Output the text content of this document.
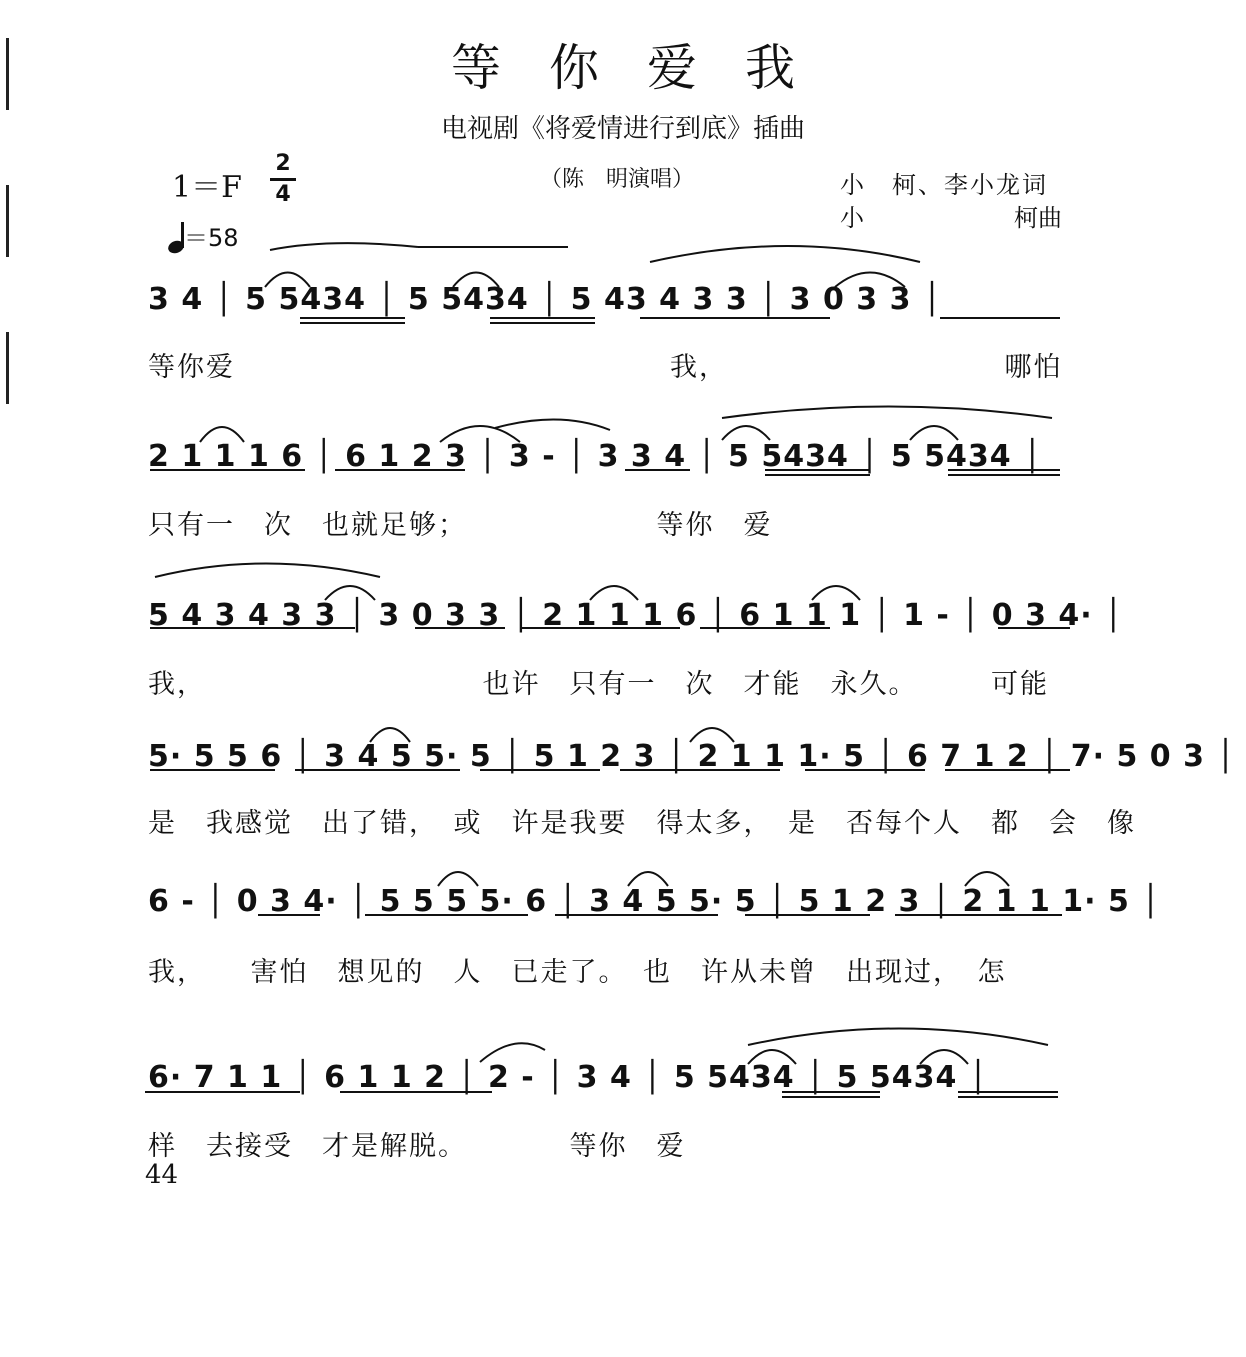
等你爱我
电视剧《将爱情进行到底》插曲
1＝F
2
4
＝58
（陈　明演唱）	小　柯、李小龙词
小	柯曲
3 4 │ 5 5434 │ 5 5434 │ 5 43 4 3 3 │ 3 0 3 3 │
等你爱　　　　　　　　　　　　　　　我，　　　　　　　　　　哪怕
2 1 1 1 6 │ 6 1 2 3 │ 3 - │ 3 3 4 │ 5 5434 │ 5 5434 │
只有一　次　也就足够；　　　　　　　等你　爱
5 4 3 4 3 3 │ 3 0 3 3 │ 2 1 1 1 6 │ 6 1 1 1 │ 1 - │ 0 3 4· │
我，　　　　　　　　　　也许　只有一　次　才能　永久。　　　可能
5· 5 5 6 │ 3 4 5 5· 5 │ 5 1 2 3 │ 2 1 1 1· 5 │ 6 7 1 2 │ 7· 5 0 3 │
是　我感觉　出了错，　或　许是我要　得太多，　是　否每个人　都　会　像
6 - │ 0 3 4· │ 5 5 5 5· 6 │ 3 4 5 5· 5 │ 5 1 2 3 │ 2 1 1 1· 5 │
我，　　害怕　想见的　人　已走了。　也　许从未曾　出现过，　怎
6· 7 1 1 │ 6 1 1 2 │ 2 - │ 3 4 │ 5 5434 │ 5 5434 │
样　去接受　才是解脱。　　　　等你　爱
44
